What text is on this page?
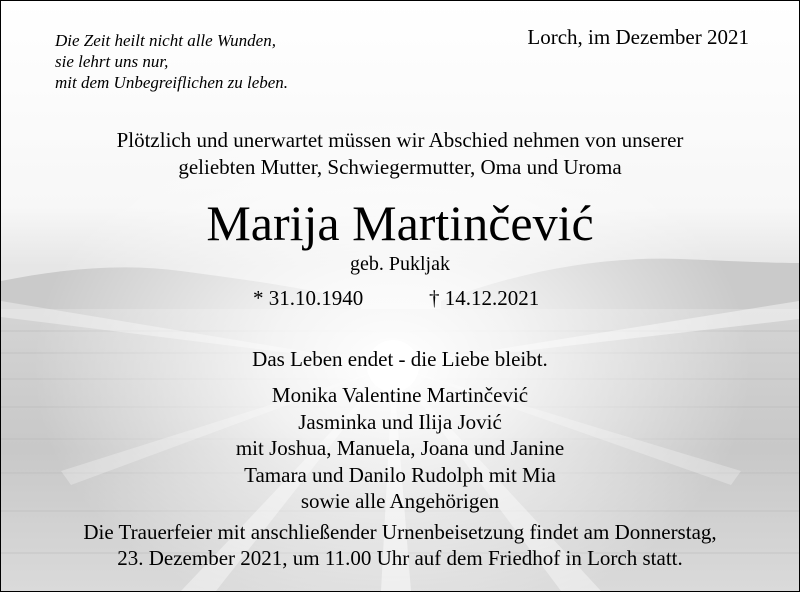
Die Zeit heilt nicht alle Wunden,
sie lehrt uns nur,
mit dem Unbegreiflichen zu leben.
Lorch, im Dezember 2021
Plötzlich und unerwartet müssen wir Abschied nehmen von unserer
geliebten Mutter, Schwiegermutter, Oma und Uroma
Marija Martinčević
geb. Pukljak
* 31.10.1940	† 14.12.2021
Das Leben endet - die Liebe bleibt.
Monika Valentine Martinčević
Jasminka und Ilija Jović
mit Joshua, Manuela, Joana und Janine
Tamara und Danilo Rudolph mit Mia
sowie alle Angehörigen
Die Trauerfeier mit anschließender Urnenbeisetzung findet am Donnerstag,
23. Dezember 2021, um 11.00 Uhr auf dem Friedhof in Lorch statt.
